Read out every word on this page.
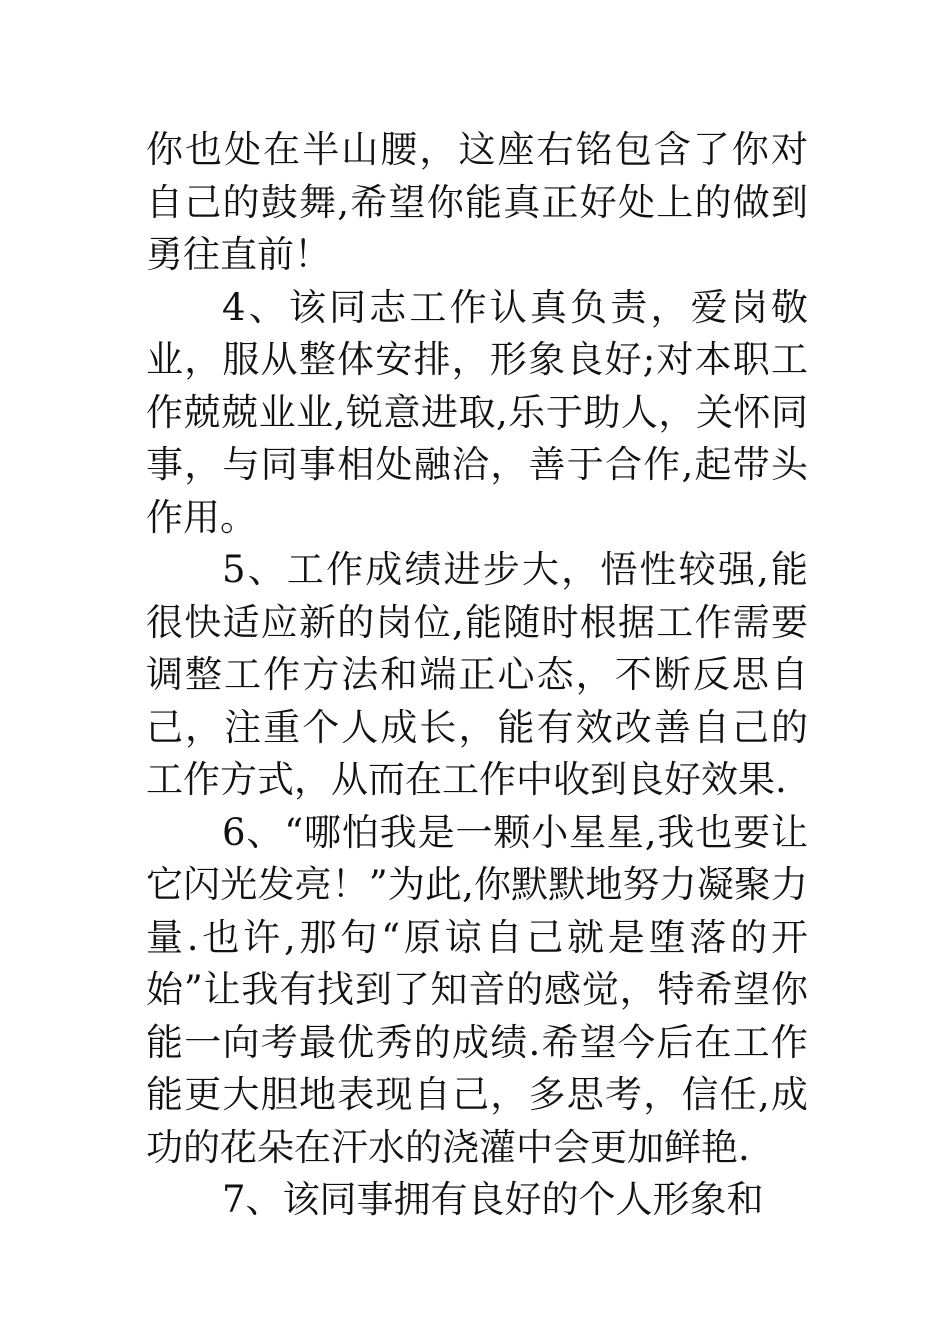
你也处在半山腰，这座右铭包含了你对自己的鼓舞,希望你能真正好处上的做到勇往直前！

4、该同志工作认真负责，爱岗敬业，服从整体安排，形象良好;对本职工作兢兢业业,锐意进取,乐于助人，关怀同事，与同事相处融洽，善于合作,起带头作用。

5、工作成绩进步大，悟性较强,能很快适应新的岗位,能随时根据工作需要调整工作方法和端正心态，不断反思自己，注重个人成长，能有效改善自己的工作方式，从而在工作中收到良好效果.

6、“哪怕我是一颗小星星,我也要让它闪光发亮！”为此,你默默地努力凝聚力量.也许,那句“原谅自己就是堕落的开始”让我有找到了知音的感觉，特希望你能一向考最优秀的成绩.希望今后在工作能更大胆地表现自己，多思考，信任,成功的花朵在汗水的浇灌中会更加鲜艳.

7、该同事拥有良好的个人形象和
